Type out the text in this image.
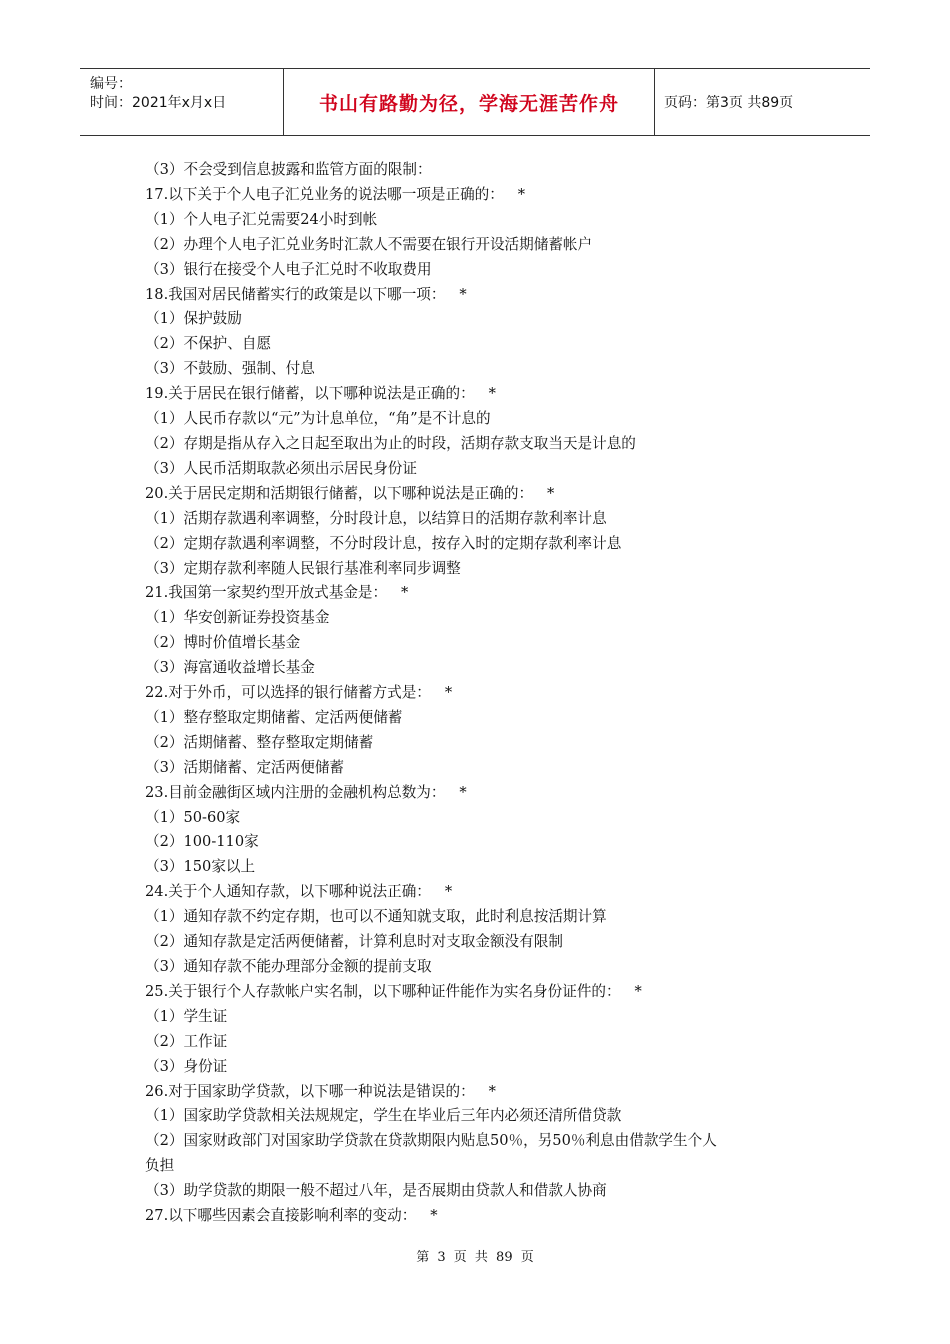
编号：
时间：2021年x月x日	书山有路勤为径，学海无涯苦作舟	页码：第3页 共89页
（3）不会受到信息披露和监管方面的限制：
17.以下关于个人电子汇兑业务的说法哪一项是正确的：   *
（1）个人电子汇兑需要24小时到帐
（2）办理个人电子汇兑业务时汇款人不需要在银行开设活期储蓄帐户
（3）银行在接受个人电子汇兑时不收取费用
18.我国对居民储蓄实行的政策是以下哪一项：   *
（1）保护鼓励
（2）不保护、自愿
（3）不鼓励、强制、付息
19.关于居民在银行储蓄，以下哪种说法是正确的：   *
（1）人民币存款以“元”为计息单位，“角”是不计息的
（2）存期是指从存入之日起至取出为止的时段，活期存款支取当天是计息的
（3）人民币活期取款必须出示居民身份证
20.关于居民定期和活期银行储蓄，以下哪种说法是正确的：   *
（1）活期存款遇利率调整，分时段计息，以结算日的活期存款利率计息
（2）定期存款遇利率调整，不分时段计息，按存入时的定期存款利率计息
（3）定期存款利率随人民银行基准利率同步调整
21.我国第一家契约型开放式基金是：   *
（1）华安创新证券投资基金
（2）博时价值增长基金
（3）海富通收益增长基金
22.对于外币，可以选择的银行储蓄方式是：   *
（1）整存整取定期储蓄、定活两便储蓄
（2）活期储蓄、整存整取定期储蓄
（3）活期储蓄、定活两便储蓄
23.目前金融街区域内注册的金融机构总数为：   *
（1）50-60家
（2）100-110家
（3）150家以上
24.关于个人通知存款，以下哪种说法正确：   *
（1）通知存款不约定存期，也可以不通知就支取，此时利息按活期计算
（2）通知存款是定活两便储蓄，计算利息时对支取金额没有限制
（3）通知存款不能办理部分金额的提前支取
25.关于银行个人存款帐户实名制，以下哪种证件能作为实名身份证件的：   *
（1）学生证
（2）工作证
（3）身份证
26.对于国家助学贷款，以下哪一种说法是错误的：   *
（1）国家助学贷款相关法规规定，学生在毕业后三年内必须还清所借贷款
（2）国家财政部门对国家助学贷款在贷款期限内贴息50％，另50％利息由借款学生个人
负担
（3）助学贷款的期限一般不超过八年，是否展期由贷款人和借款人协商
27.以下哪些因素会直接影响利率的变动：   *
第 3 页 共 89 页
